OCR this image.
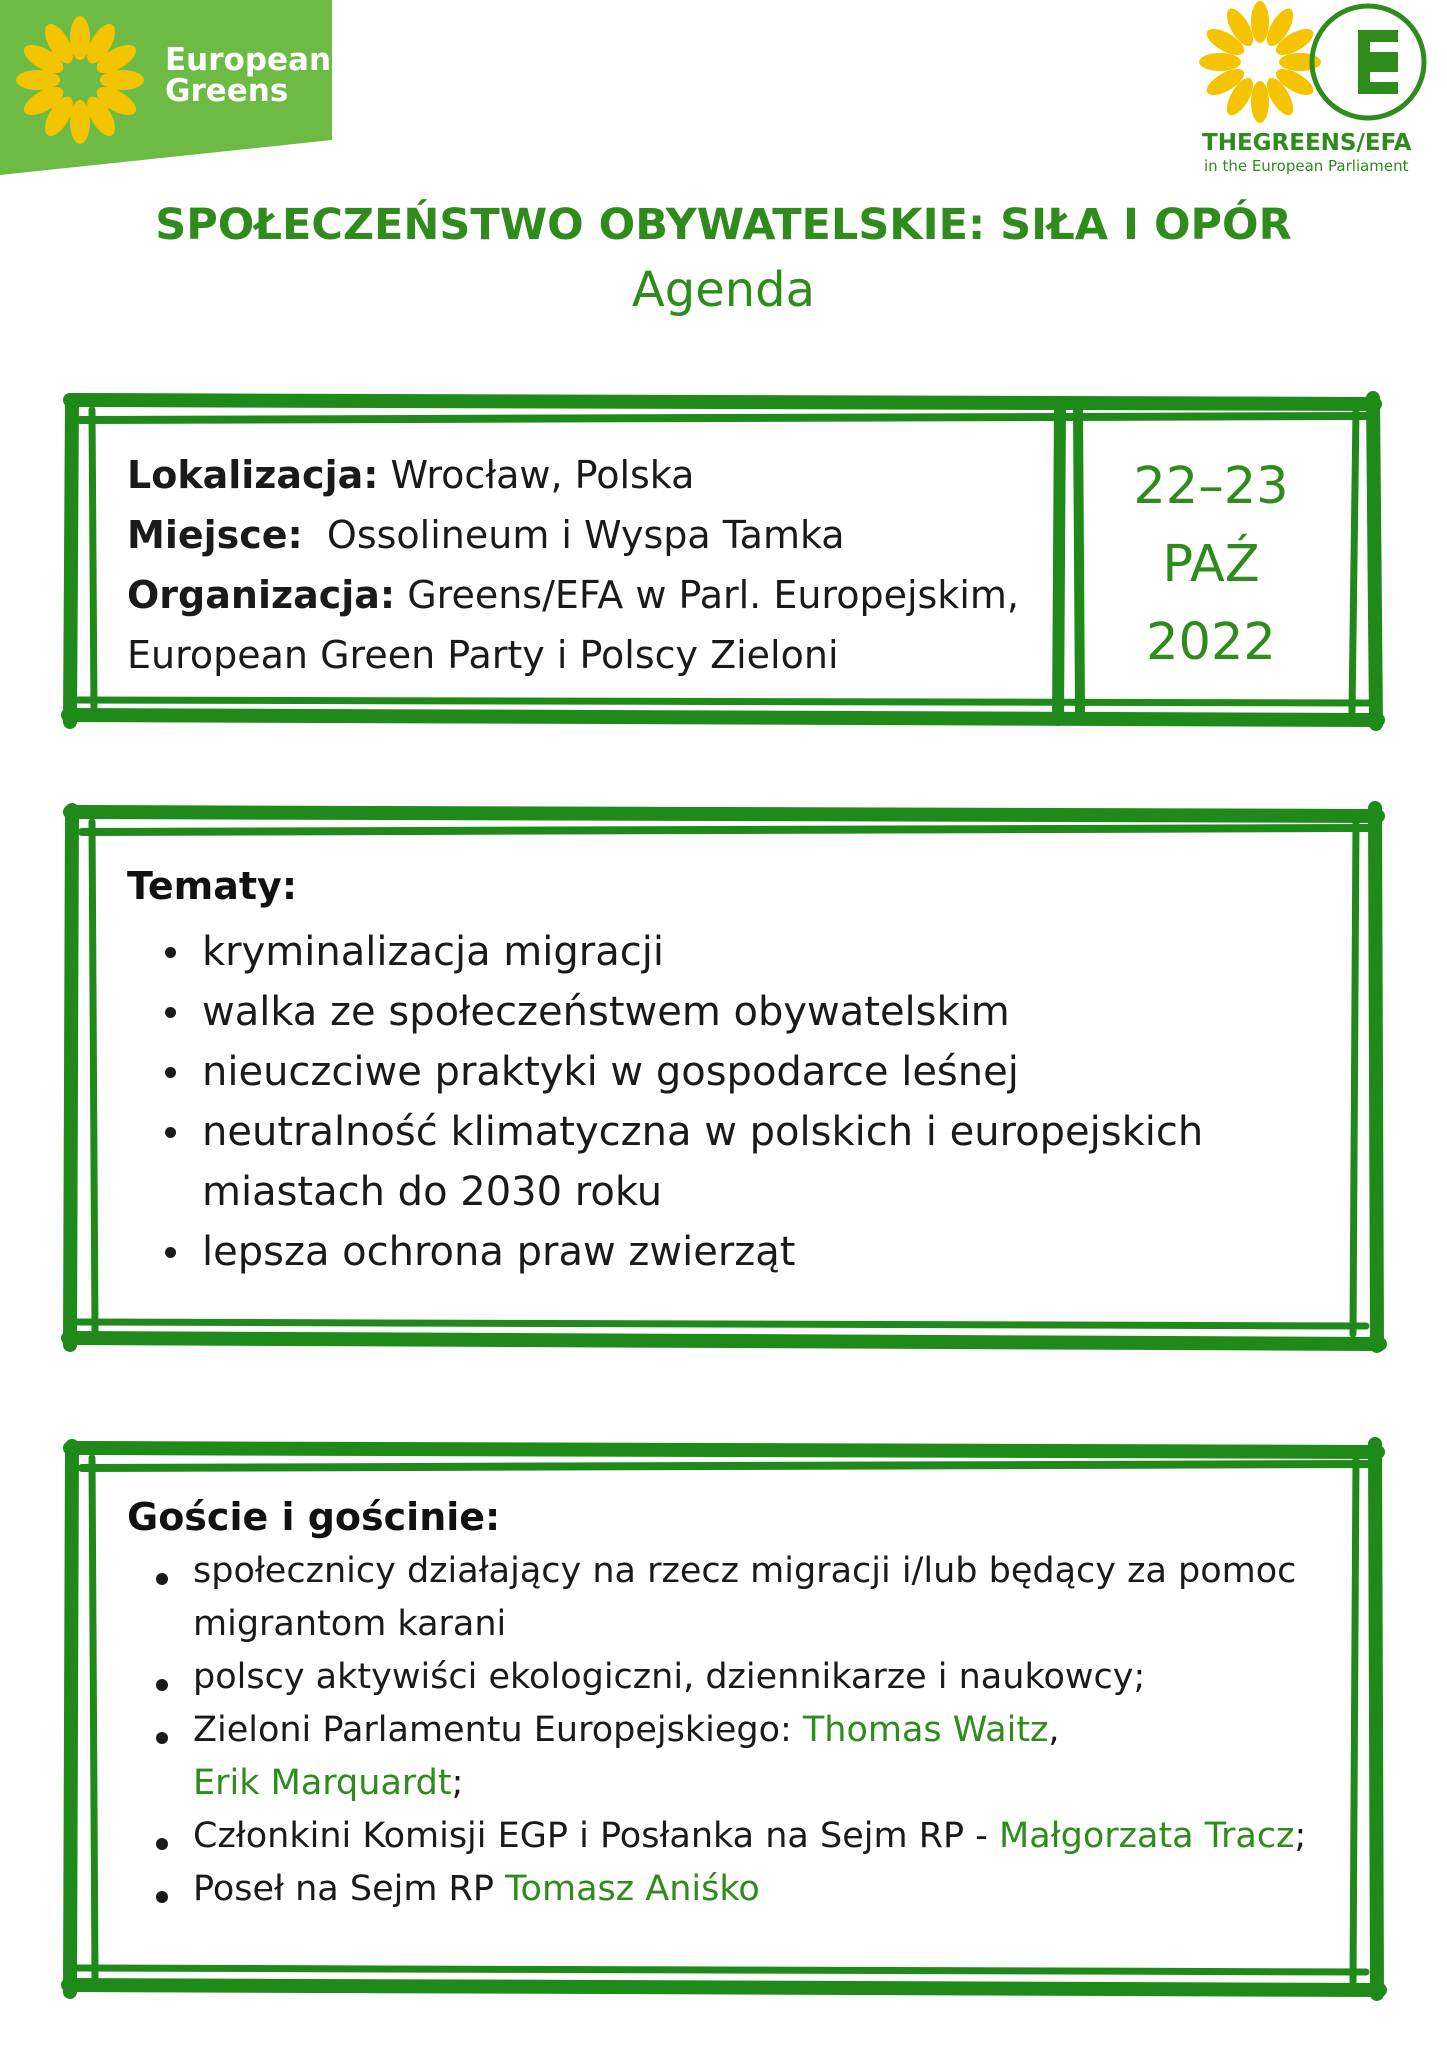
European
Greens
THEGREENS/EFA
in the European Parliament
SPOŁECZEŃSTWO OBYWATELSKIE: SIŁA I OPÓR
Agenda
Lokalizacja: Wrocław, Polska
Miejsce:  Ossolineum i Wyspa Tamka
Organizacja: Greens/EFA w Parl. Europejskim,
European Green Party i Polscy Zieloni
22–23
PAŹ
2022
Tematy:
kryminalizacja migracji
walka ze społeczeństwem obywatelskim
nieuczciwe praktyki w gospodarce leśnej
neutralność klimatyczna w polskich i europejskich miastach do 2030 roku
lepsza ochrona praw zwierząt
Goście i gościnie:
społecznicy działający na rzecz migracji i/lub będący za pomoc migrantom karani
polscy aktywiści ekologiczni, dziennikarze i naukowcy;
Zieloni Parlamentu Europejskiego: Thomas Waitz,
Erik Marquardt;
Członkini Komisji EGP i Posłanka na Sejm RP - Małgorzata Tracz;
Poseł na Sejm RP Tomasz Aniśko
